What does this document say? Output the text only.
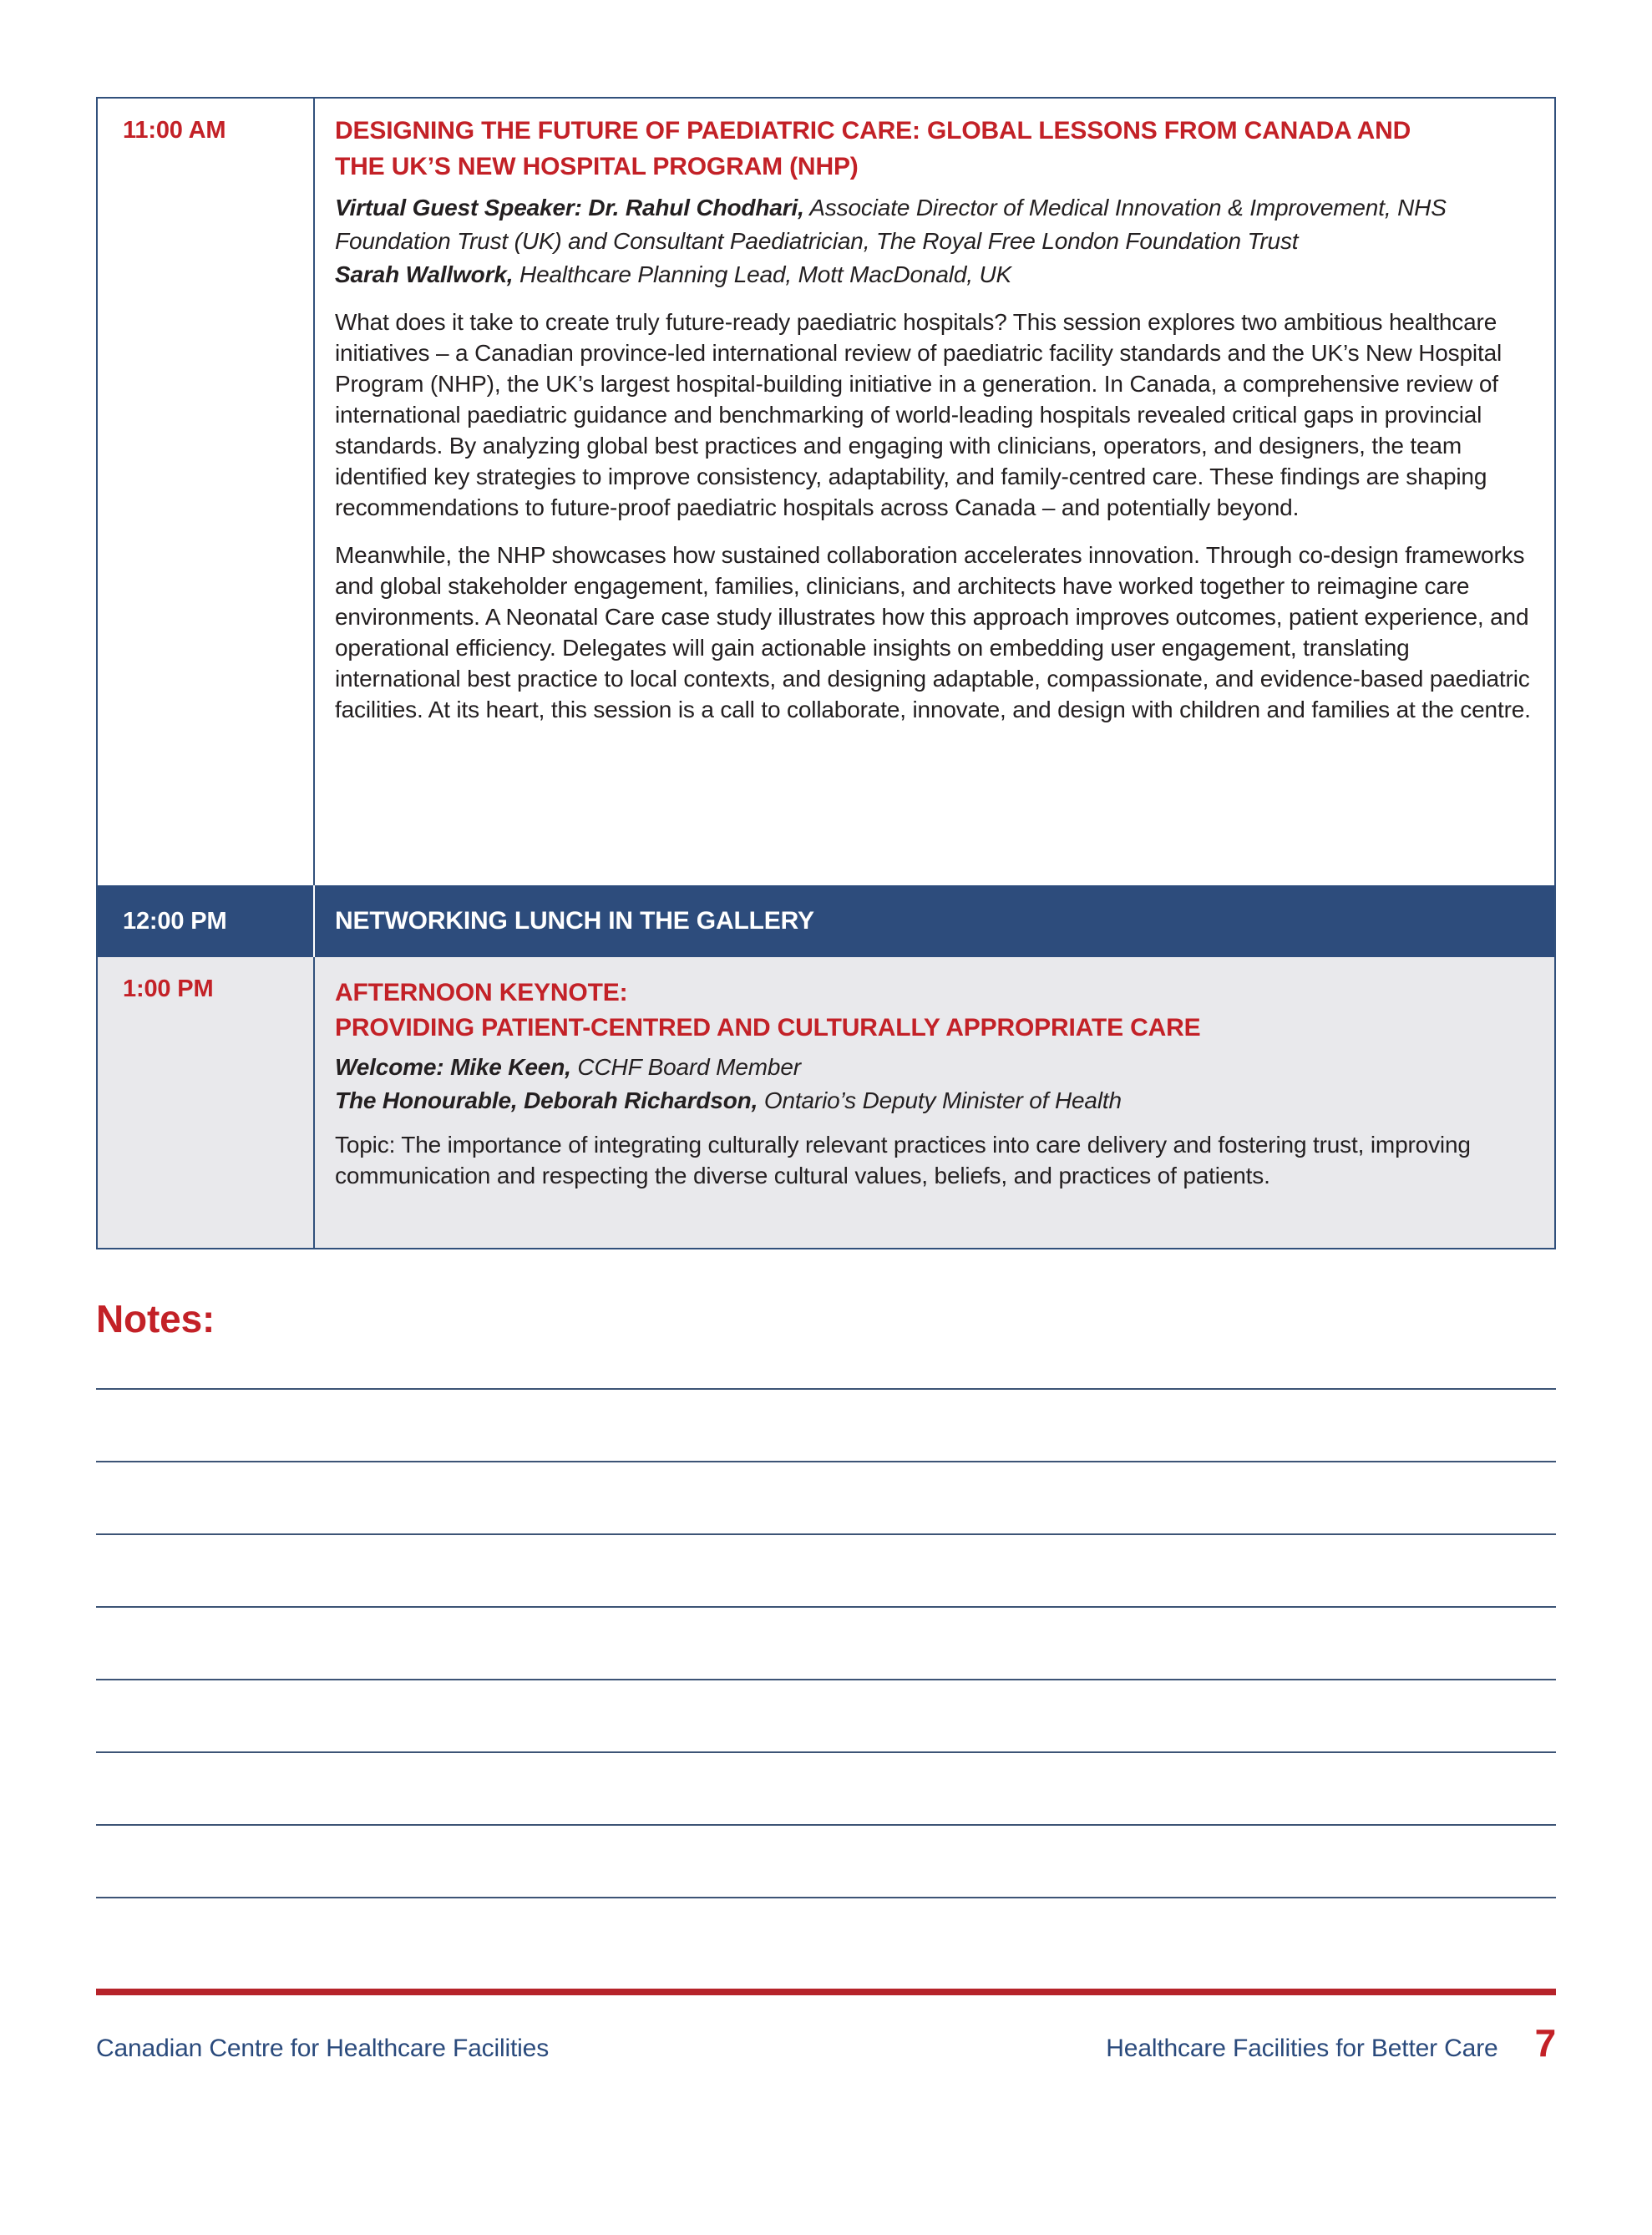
11:00 AM	DESIGNING THE FUTURE OF PAEDIATRIC CARE: GLOBAL LESSONS FROM CANADA AND
THE UK’S NEW HOSPITAL PROGRAM (NHP)
Virtual Guest Speaker: Dr. Rahul Chodhari, Associate Director of Medical Innovation & Improvement, NHS Foundation Trust (UK) and Consultant Paediatrician, The Royal Free London Foundation Trust
Sarah Wallwork, Healthcare Planning Lead, Mott MacDonald, UK
What does it take to create truly future-ready paediatric hospitals? This session explores two ambitious healthcare initiatives – a Canadian province-led international review of paediatric facility standards and the UK’s New Hospital Program (NHP), the UK’s largest hospital-building initiative in a generation. In Canada, a comprehensive review of international paediatric guidance and benchmarking of world-leading hospitals revealed critical gaps in provincial standards. By analyzing global best practices and engaging with clinicians, operators, and designers, the team identified key strategies to improve consistency, adaptability, and family-centred care. These findings are shaping recommendations to future-proof paediatric hospitals across Canada – and potentially beyond.
Meanwhile, the NHP showcases how sustained collaboration accelerates innovation. Through co-design frameworks and global stakeholder engagement, families, clinicians, and architects have worked together to reimagine care environments. A Neonatal Care case study illustrates how this approach improves outcomes, patient experience, and operational efficiency. Delegates will gain actionable insights on embedding user engagement, translating international best practice to local contexts, and designing adaptable, compassionate, and evidence-based paediatric facilities. At its heart, this session is a call to collaborate, innovate, and design with children and families at the centre.
12:00 PM	NETWORKING LUNCH IN THE GALLERY
1:00 PM	AFTERNOON KEYNOTE:
PROVIDING PATIENT-CENTRED AND CULTURALLY APPROPRIATE CARE
Welcome: Mike Keen, CCHF Board Member
The Honourable, Deborah Richardson, Ontario’s Deputy Minister of Health
Topic: The importance of integrating culturally relevant practices into care delivery and fostering trust, improving communication and respecting the diverse cultural values, beliefs, and practices of patients.
Notes:
Canadian Centre for Healthcare Facilities	Healthcare Facilities for Better Care 7
